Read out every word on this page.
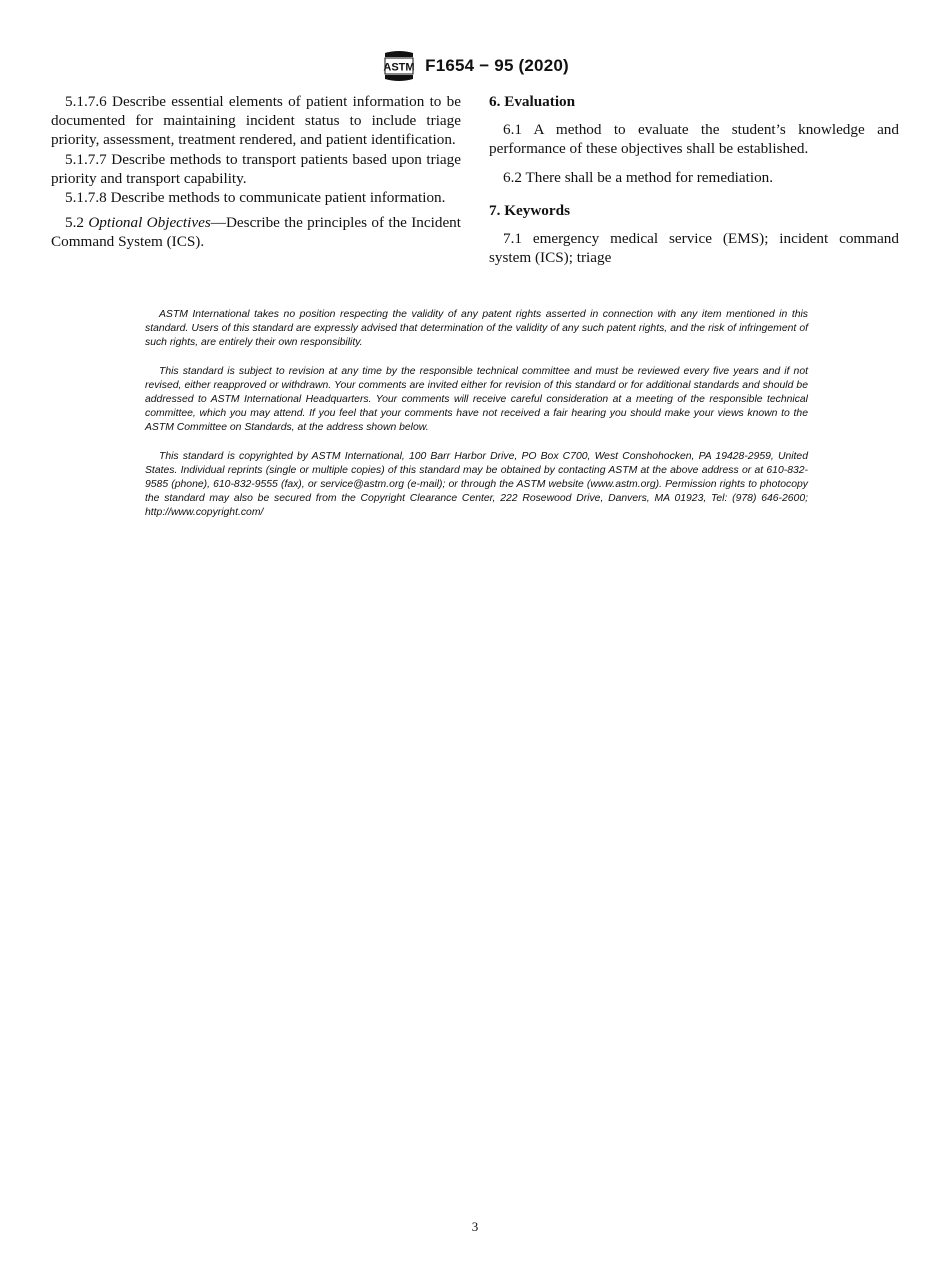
ASTM F1654 − 95 (2020)

5.1.7.6 Describe essential elements of patient information to be documented for maintaining incident status to include triage priority, assessment, treatment rendered, and patient identification.

5.1.7.7 Describe methods to transport patients based upon triage priority and transport capability.

5.1.7.8 Describe methods to communicate patient information.

5.2 Optional Objectives—Describe the principles of the Incident Command System (ICS).

6. Evaluation

6.1 A method to evaluate the student’s knowledge and performance of these objectives shall be established.

6.2 There shall be a method for remediation.

7. Keywords

7.1 emergency medical service (EMS); incident command system (ICS); triage

ASTM International takes no position respecting the validity of any patent rights asserted in connection with any item mentioned in this standard. Users of this standard are expressly advised that determination of the validity of any such patent rights, and the risk of infringement of such rights, are entirely their own responsibility.

This standard is subject to revision at any time by the responsible technical committee and must be reviewed every five years and if not revised, either reapproved or withdrawn. Your comments are invited either for revision of this standard or for additional standards and should be addressed to ASTM International Headquarters. Your comments will receive careful consideration at a meeting of the responsible technical committee, which you may attend. If you feel that your comments have not received a fair hearing you should make your views known to the ASTM Committee on Standards, at the address shown below.

This standard is copyrighted by ASTM International, 100 Barr Harbor Drive, PO Box C700, West Conshohocken, PA 19428-2959, United States. Individual reprints (single or multiple copies) of this standard may be obtained by contacting ASTM at the above address or at 610-832-9585 (phone), 610-832-9555 (fax), or service@astm.org (e-mail); or through the ASTM website (www.astm.org). Permission rights to photocopy the standard may also be secured from the Copyright Clearance Center, 222 Rosewood Drive, Danvers, MA 01923, Tel: (978) 646-2600; http://www.copyright.com/

3
